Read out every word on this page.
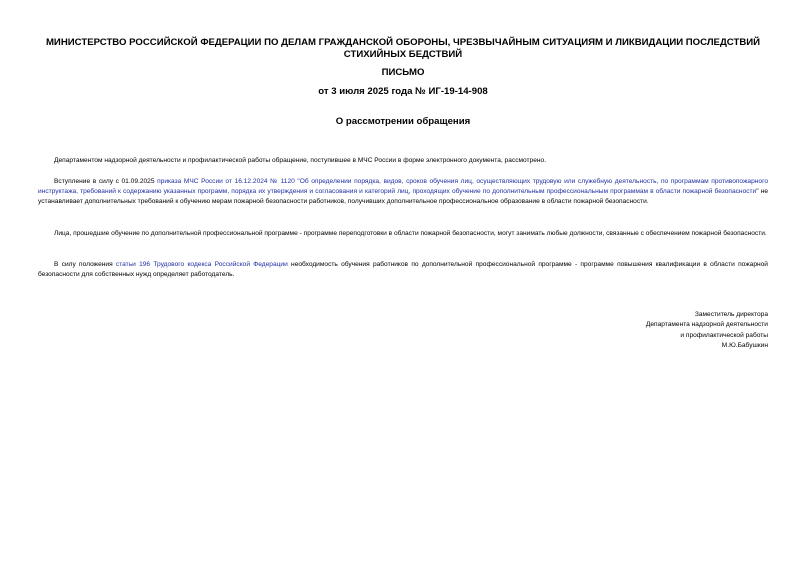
МИНИСТЕРСТВО РОССИЙСКОЙ ФЕДЕРАЦИИ ПО ДЕЛАМ ГРАЖДАНСКОЙ ОБОРОНЫ, ЧРЕЗВЫЧАЙНЫМ СИТУАЦИЯМ И ЛИКВИДАЦИИ ПОСЛЕДСТВИЙ СТИХИЙНЫХ БЕДСТВИЙ
ПИСЬМО
от 3 июля 2025 года № ИГ-19-14-908
О рассмотрении обращения
Департаментом надзорной деятельности и профилактической работы обращение, поступившее в МЧС России в форме электронного документа, рассмотрено.
Вступление в силу с 01.09.2025 приказа МЧС России от 16.12.2024 № 1120 "Об определении порядка, видов, сроков обучения лиц, осуществляющих трудовую или служебную деятельность, по программам противопожарного инструктажа, требований к содержанию указанных программ, порядка их утверждения и согласования и категорий лиц, проходящих обучение по дополнительным профессиональным программам в области пожарной безопасности" не устанавливает дополнительных требований к обучению мерам пожарной безопасности работников, получивших дополнительное профессиональное образование в области пожарной безопасности.
Лица, прошедшие обучение по дополнительной профессиональной программе - программе переподготовки в области пожарной безопасности, могут занимать любые должности, связанные с обеспечением пожарной безопасности.
В силу положения статьи 196 Трудового кодекса Российской Федерации необходимость обучения работников по дополнительной профессиональной программе - программе повышения квалификации в области пожарной безопасности для собственных нужд определяет работодатель.
Заместитель директора
Департамента надзорной деятельности
и профилактической работы
М.Ю.Бабушкин
